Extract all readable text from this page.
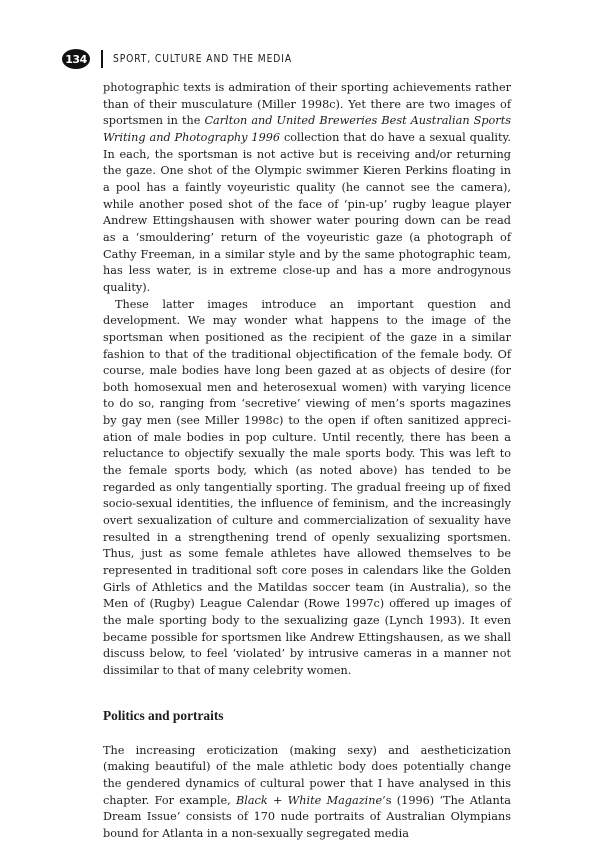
134	SPORT, CULTURE AND THE MEDIA

photographic texts is admiration of their sporting achievements rather than of their musculature (Miller 1998c). Yet there are two images of sportsmen in the Carlton and United Breweries Best Australian Sports Writing and Photography 1996 collection that do have a sexual quality. In each, the sportsman is not active but is receiving and/or returning the gaze. One shot of the Olympic swimmer Kieren Perkins floating in a pool has a faintly voyeuristic quality (he cannot see the camera), while another posed shot of the face of ‘pin-up’ rugby league player Andrew Ettingshausen with shower water pouring down can be read as a ‘smouldering’ return of the voyeuristic gaze (a photograph of Cathy Freeman, in a similar style and by the same photographic team, has less water, is in extreme close-up and has a more androgynous quality).

These latter images introduce an important question and development. We may wonder what happens to the image of the sportsman when positioned as the recipient of the gaze in a similar fashion to that of the traditional objectification of the female body. Of course, male bodies have long been gazed at as objects of desire (for both homosexual men and heterosexual women) with varying licence to do so, ranging from ‘secretive’ viewing of men’s sports magazines by gay men (see Miller 1998c) to the open if often sanitized appreciation of male bodies in pop culture. Until recently, there has been a reluctance to objectify sexually the male sports body. This was left to the female sports body, which (as noted above) has tended to be regarded as only tangentially sporting. The gradual freeing up of fixed socio-sexual identities, the influence of feminism, and the increasingly overt sexualization of culture and commercialization of sexuality have resulted in a strengthening trend of openly sexualizing sportsmen. Thus, just as some female athletes have allowed themselves to be represented in traditional soft core poses in calendars like the Golden Girls of Athletics and the Matildas soccer team (in Australia), so the Men of (Rugby) League Calendar (Rowe 1997c) offered up images of the male sporting body to the sexualizing gaze (Lynch 1993). It even became possible for sportsmen like Andrew Ettingshausen, as we shall discuss below, to feel ‘violated’ by intrusive cameras in a manner not dissimilar to that of many celebrity women.

Politics and portraits

The increasing eroticization (making sexy) and aestheticization (making beautiful) of the male athletic body does potentially change the gendered dynamics of cultural power that I have analysed in this chapter. For example, Black + White Magazine’s (1996) ‘The Atlanta Dream Issue’ consists of 170 nude portraits of Australian Olympians bound for Atlanta in a non-sexually segregated media
